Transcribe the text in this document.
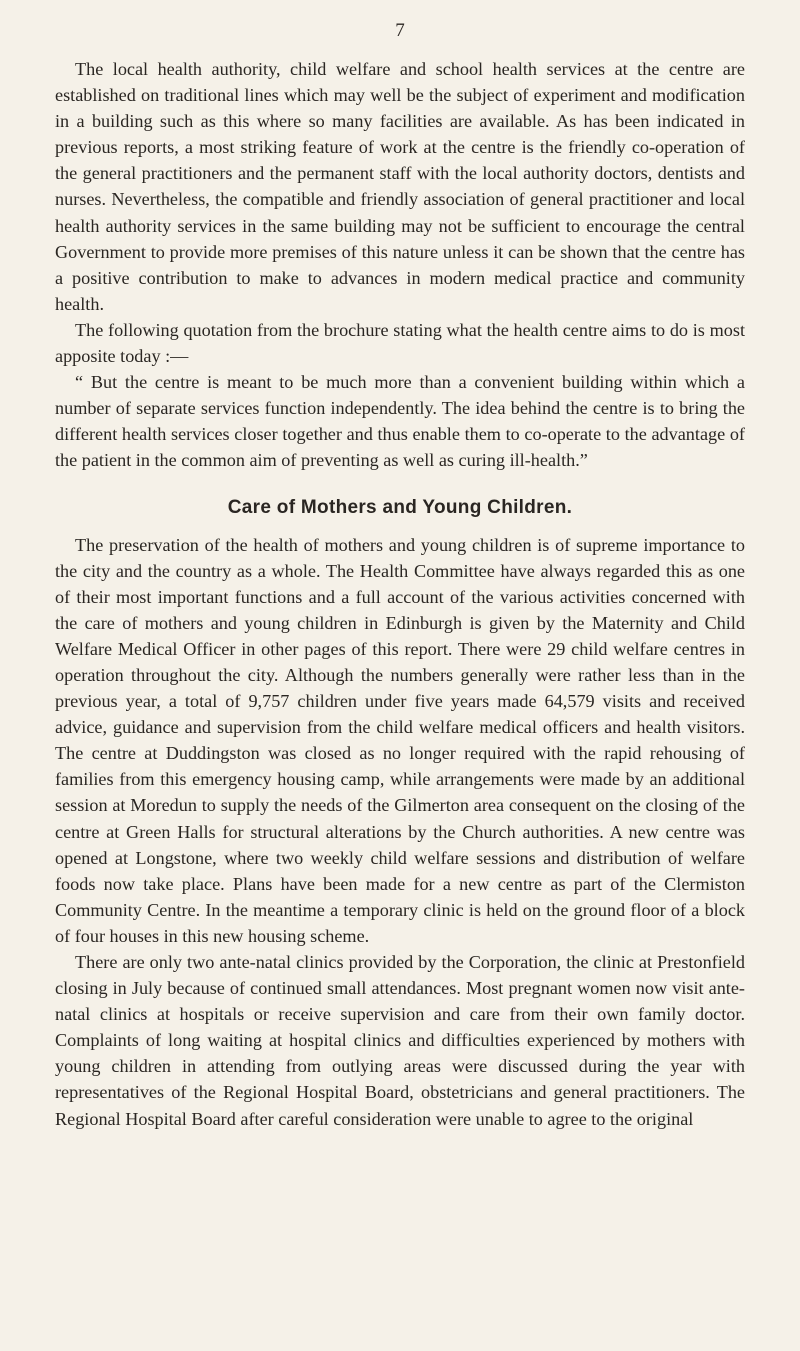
7

The local health authority, child welfare and school health services at the centre are established on traditional lines which may well be the subject of experiment and modification in a building such as this where so many facilities are available. As has been indicated in previous reports, a most striking feature of work at the centre is the friendly co-operation of the general practitioners and the permanent staff with the local authority doctors, dentists and nurses. Nevertheless, the compatible and friendly association of general practitioner and local health authority services in the same building may not be sufficient to encourage the central Government to provide more premises of this nature unless it can be shown that the centre has a positive contribution to make to advances in modern medical practice and community health.

The following quotation from the brochure stating what the health centre aims to do is most apposite today :—

“ But the centre is meant to be much more than a convenient building within which a number of separate services function independently. The idea behind the centre is to bring the different health services closer together and thus enable them to co-operate to the advantage of the patient in the common aim of preventing as well as curing ill-health.”

Care of Mothers and Young Children.

The preservation of the health of mothers and young children is of supreme importance to the city and the country as a whole. The Health Committee have always regarded this as one of their most important functions and a full account of the various activities concerned with the care of mothers and young children in Edinburgh is given by the Maternity and Child Welfare Medical Officer in other pages of this report. There were 29 child welfare centres in operation throughout the city. Although the numbers generally were rather less than in the previous year, a total of 9,757 children under five years made 64,579 visits and received advice, guidance and supervision from the child welfare medical officers and health visitors. The centre at Duddingston was closed as no longer required with the rapid rehousing of families from this emergency housing camp, while arrangements were made by an additional session at Moredun to supply the needs of the Gilmerton area consequent on the closing of the centre at Green Halls for structural alterations by the Church authorities. A new centre was opened at Longstone, where two weekly child welfare sessions and distribution of welfare foods now take place. Plans have been made for a new centre as part of the Clermiston Community Centre. In the meantime a temporary clinic is held on the ground floor of a block of four houses in this new housing scheme.

There are only two ante-natal clinics provided by the Corporation, the clinic at Prestonfield closing in July because of continued small attendances. Most pregnant women now visit ante-natal clinics at hospitals or receive supervision and care from their own family doctor. Complaints of long waiting at hospital clinics and difficulties experienced by mothers with young children in attending from outlying areas were discussed during the year with representatives of the Regional Hospital Board, obstetricians and general practitioners. The Regional Hospital Board after careful consideration were unable to agree to the original
